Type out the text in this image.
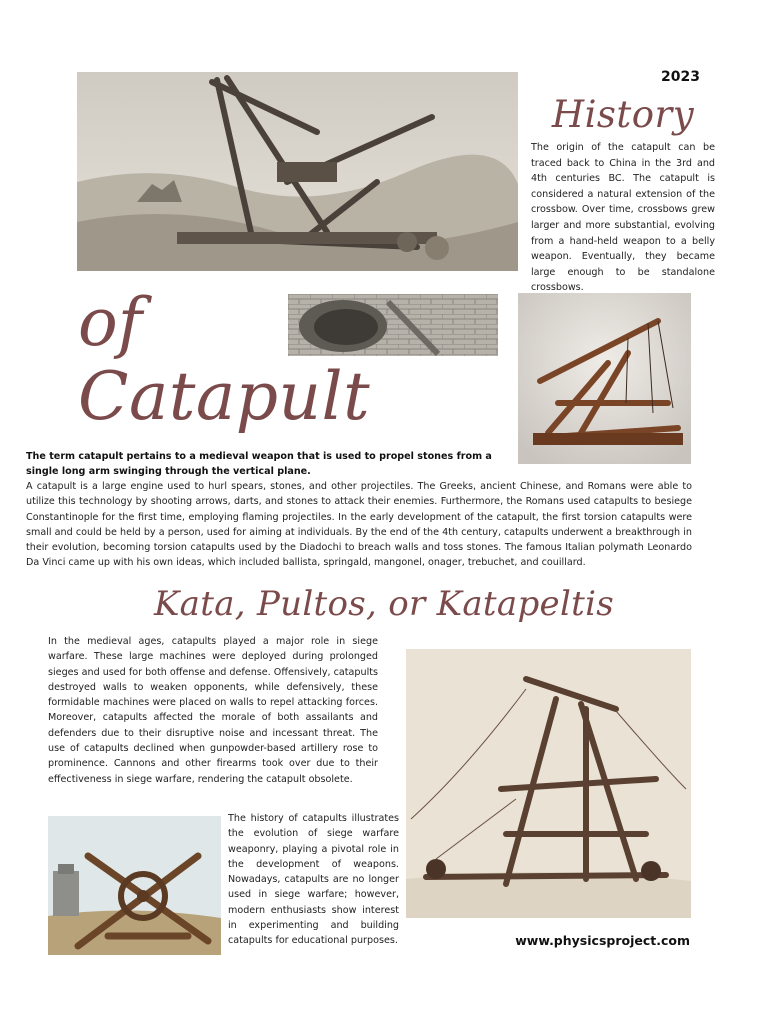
2023
History
The origin of the catapult can be traced back to China in the 3rd and 4th centuries BC. The catapult is considered a natural extension of the crossbow. Over time, crossbows grew larger and more substantial, evolving from a hand-held weapon to a belly weapon. Eventually, they became large enough to be standalone crossbows.
of
Catapult
The term catapult pertains to a medieval weapon that is used to propel stones from a single long arm swinging through the vertical plane.
A catapult is a large engine used to hurl spears, stones, and other projectiles. The Greeks, ancient Chinese, and Romans were able to utilize this technology by shooting arrows, darts, and stones to attack their enemies. Furthermore, the Romans used catapults to besiege Constantinople for the first time, employing flaming projectiles. In the early development of the catapult, the first torsion catapults were small and could be held by a person, used for aiming at individuals. By the end of the 4th century, catapults underwent a breakthrough in their evolution, becoming torsion catapults used by the Diadochi to breach walls and toss stones. The famous Italian polymath Leonardo Da Vinci came up with his own ideas, which included ballista, springald, mangonel, onager, trebuchet, and couillard.
Kata, Pultos, or Katapeltis
In the medieval ages, catapults played a major role in siege warfare. These large machines were deployed during prolonged sieges and used for both offense and defense. Offensively, catapults destroyed walls to weaken opponents, while defensively, these formidable machines were placed on walls to repel attacking forces. Moreover, catapults affected the morale of both assailants and defenders due to their disruptive noise and incessant threat. The use of catapults declined when gunpowder-based artillery rose to prominence. Cannons and other firearms took over due to their effectiveness in siege warfare, rendering the catapult obsolete.
The history of catapults illustrates the evolution of siege warfare weaponry, playing a pivotal role in the development of weapons. Nowadays, catapults are no longer used in siege warfare; however, modern enthusiasts show interest in experimenting and building catapults for educational purposes.	www.physicsproject.com
